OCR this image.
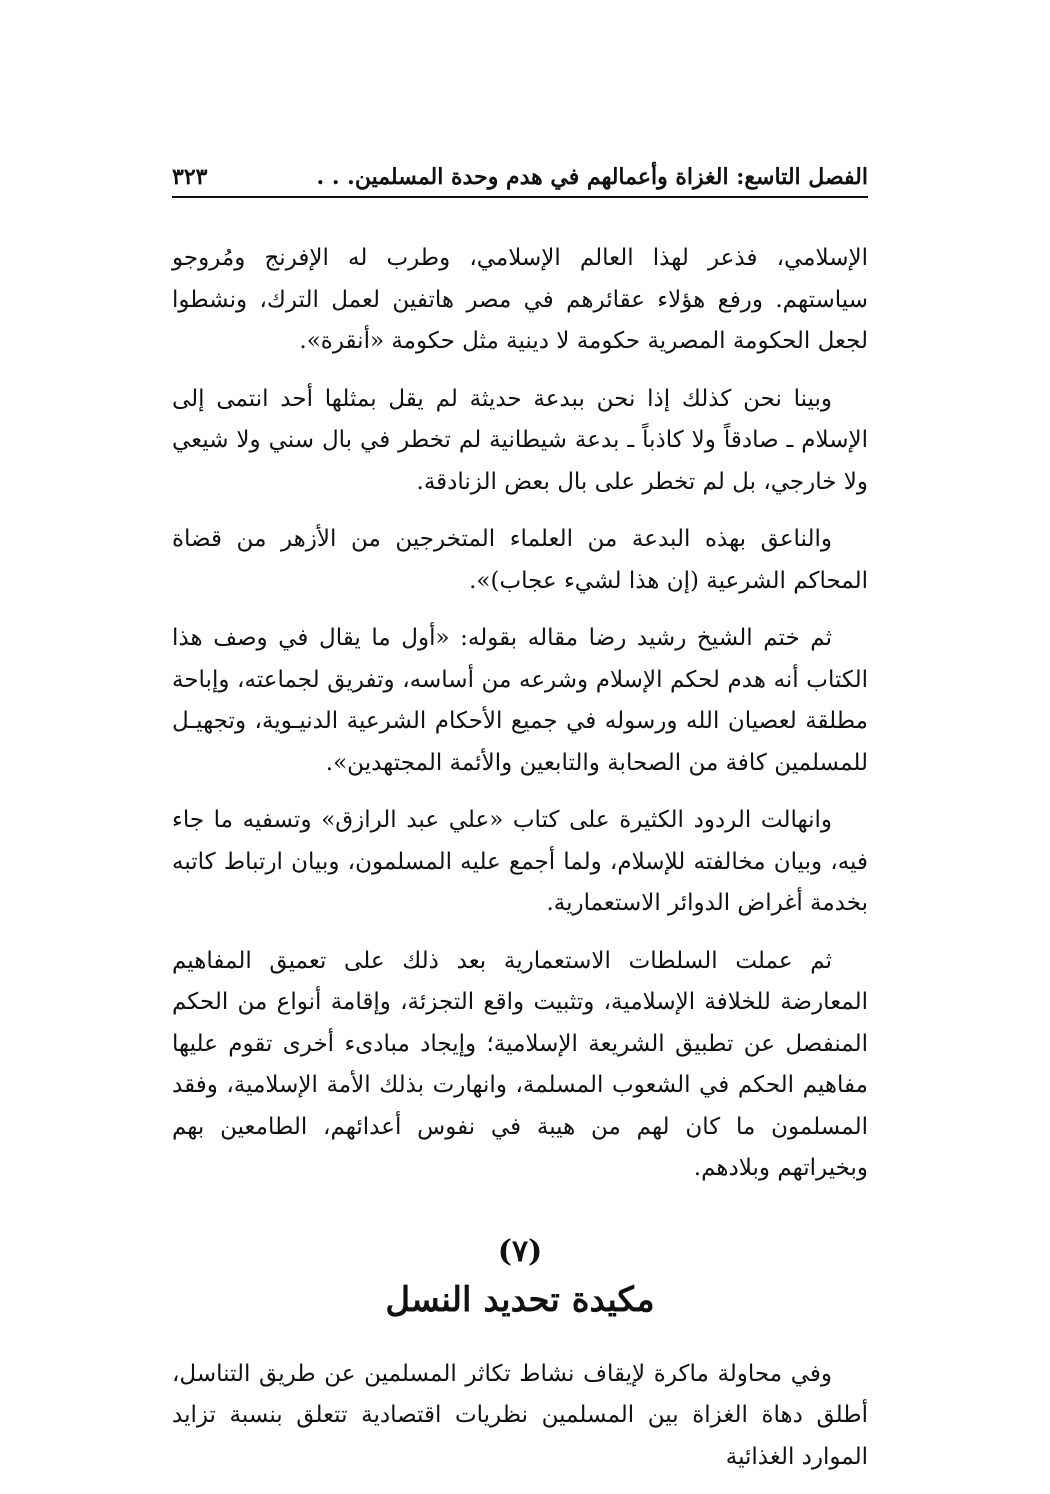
الفصل التاسع: الغزاة وأعمالهم في هدم وحدة المسلمين. . .
٣٢٣

الإسلامي، فذعر لهذا العالم الإسلامي، وطرب له الإفرنج ومُروجو سياستهم. ورفع هؤلاء عقائرهم في مصر هاتفين لعمل الترك، ونشطوا لجعل الحكومة المصرية حكومة لا دينية مثل حكومة «أنقرة».

وبينا نحن كذلك إذا نحن ببدعة حديثة لم يقل بمثلها أحد انتمى إلى الإسلام ـ صادقاً ولا كاذباً ـ بدعة شيطانية لم تخطر في بال سني ولا شيعي ولا خارجي، بل لم تخطر على بال بعض الزنادقة.

والناعق بهذه البدعة من العلماء المتخرجين من الأزهر من قضاة المحاكم الشرعية (إن هذا لشيء عجاب)».

ثم ختم الشيخ رشيد رضا مقاله بقوله: «أول ما يقال في وصف هذا الكتاب أنه هدم لحكم الإسلام وشرعه من أساسه، وتفريق لجماعته، وإباحة مطلقة لعصيان الله ورسوله في جميع الأحكام الشرعية الدنيـوية، وتجهيـل للمسلمين كافة من الصحابة والتابعين والأئمة المجتهدين».

وانهالت الردود الكثيرة على كتاب «علي عبد الرازق» وتسفيه ما جاء فيه، وبيان مخالفته للإسلام، ولما أجمع عليه المسلمون، وبيان ارتباط كاتبه بخدمة أغراض الدوائر الاستعمارية.

ثم عملت السلطات الاستعمارية بعد ذلك على تعميق المفاهيم المعارضة للخلافة الإسلامية، وتثبيت واقع التجزئة، وإقامة أنواع من الحكم المنفصل عن تطبيق الشريعة الإسلامية؛ وإيجاد مبادىء أخرى تقوم عليها مفاهيم الحكم في الشعوب المسلمة، وانهارت بذلك الأمة الإسلامية، وفقد المسلمون ما كان لهم من هيبة في نفوس أعدائهم، الطامعين بهم وبخيراتهم وبلادهم.

(٧)
مكيدة تحديد النسل

وفي محاولة ماكرة لإيقاف نشاط تكاثر المسلمين عن طريق التناسل، أطلق دهاة الغزاة بين المسلمين نظريات اقتصادية تتعلق بنسبة تزايد الموارد الغذائية
